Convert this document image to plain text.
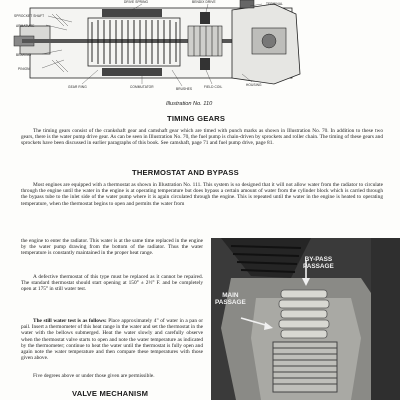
SPROCKET SHAFT
ARMATURE
BEARING
PINION
GEAR RING	COMMUTATOR	BRUSHES	FIELD COIL	HOUSING
DRIVE SPRING	BENDIX DRIVE	TERMINAL
Illustration No. 110
TIMING GEARS

The timing gears consist of the crankshaft gear and camshaft gear which are timed with punch marks as shown in Illustration No. 70. In addition to these two gears, there is the water pump drive gear. As can be seen in Illustration No. 70, the fuel pump is chain-driven by sprockets and roller chain. The timing of these gears and sprockets have been discussed in earlier paragraphs of this book. See camshaft, page 71 and fuel pump drive, page 81.

THERMOSTAT AND BYPASS

Most engines are equipped with a thermostat as shown in Illustration No. 111. This system is so designed that it will not allow water from the radiator to circulate through the engine until the water in the engine is at operating temperature but does bypass a certain amount of water from the cylinder block which is carried through the bypass tube to the inlet side of the water pump where it is again circulated through the engine. This is repeated until the water in the engine is heated to operating temperature, when the thermostat begins to open and permits the water from

the engine to enter the radiator. This water is at the same time replaced in the engine by the water pump drawing from the bottom of the radiator. Thus the water temperature is constantly maintained in the proper heat range.

A defective thermostat of this type must be replaced as it cannot be repaired. The standard thermostat should start opening at 150° ± 2½° F. and be completely open at 175° in still water test.

The still water test is as follows: Place approximately 4" of water in a pan or pail. Insert a thermometer of this heat range in the water and set the thermostat in the water with the bellows submerged. Heat the water slowly and carefully observe when the thermostat valve starts to open and note the water temperature as indicated by the thermometer; continue to heat the water until the thermostat is fully open and again note the water temperature and then compare these temperatures with those given above.

Five degrees above or under those given are permissible.

VALVE MECHANISM
BY-PASS
PASSAGE
MAIN
PASSAGE
